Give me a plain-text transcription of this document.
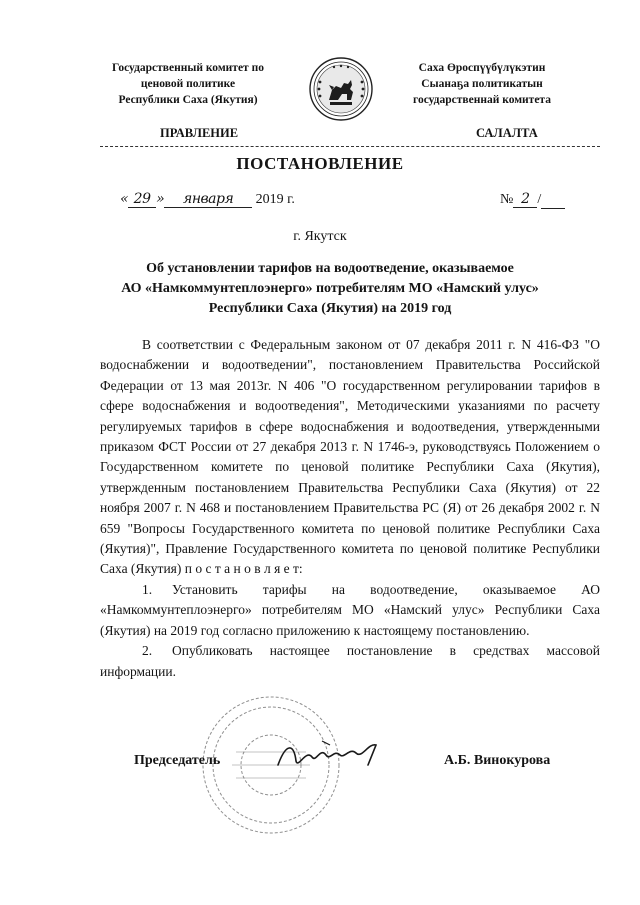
Государственный комитет по
ценовой политике
Республики Саха (Якутия)
Саха Өроспүүбүлүкэтин
Сыанаҕа политикатын
государственнай комитета
ПРАВЛЕНИЕ	САЛАЛТА
ПОСТАНОВЛЕНИЕ
« 29 » января 2019 г.	№ 2 /
г. Якутск
Об установлении тарифов на водоотведение, оказываемое
АО «Намкоммунтеплоэнерго» потребителям МО «Намский улус»
Республики Саха (Якутия) на 2019 год

В соответствии с Федеральным законом от 07 декабря 2011 г. N 416-ФЗ "О водоснабжении и водоотведении", постановлением Правительства Российской Федерации от 13 мая 2013г. N 406 "О государственном регулировании тарифов в сфере водоснабжения и водоотведения", Методическими указаниями по расчету регулируемых тарифов в сфере водоснабжения и водоотведения, утвержденными приказом ФСТ России от 27 декабря 2013 г. N 1746-э, руководствуясь Положением о Государственном комитете по ценовой политике Республики Саха (Якутия), утвержденным постановлением Правительства Республики Саха (Якутия) от 22 ноября 2007 г. N 468 и постановлением Правительства РС (Я) от 26 декабря 2002 г. N 659 "Вопросы Государственного комитета по ценовой политике Республики Саха (Якутия)", Правление Государственного комитета по ценовой политике Республики Саха (Якутия) п о с т а н о в л я е т:

1. Установить тарифы на водоотведение, оказываемое АО «Намкоммунтеплоэнерго» потребителям МО «Намский улус» Республики Саха (Якутия) на 2019 год согласно приложению к настоящему постановлению.

2. Опубликовать настоящее постановление в средствах массовой информации.

Председатель	А.Б. Винокурова
